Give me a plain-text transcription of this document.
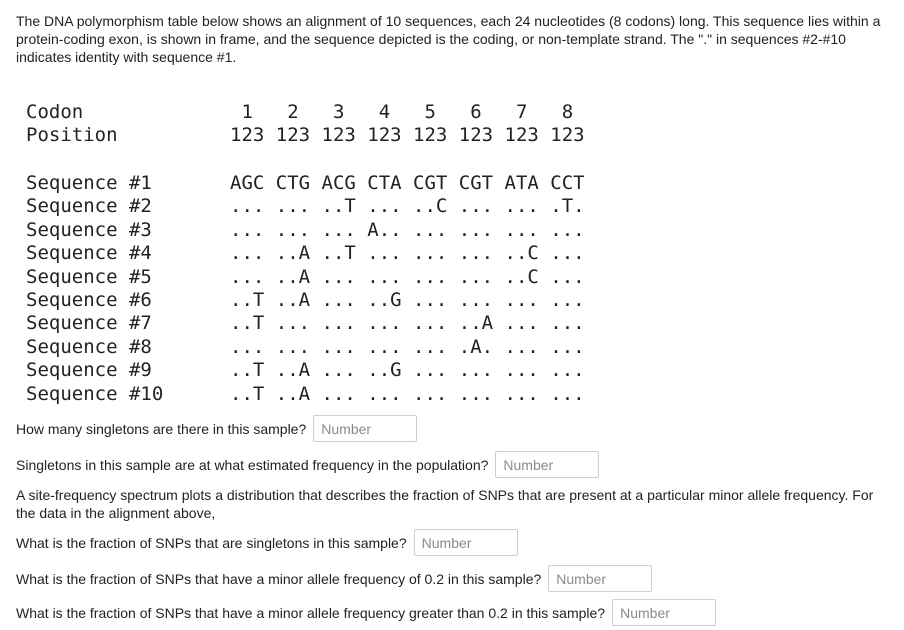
The DNA polymorphism table below shows an alignment of 10 sequences, each 24 nucleotides (8 codons) long. This sequence lies within a protein-coding exon, is shown in frame, and the sequence depicted is the coding, or non-template strand. The "." in sequences #2-#10 indicates identity with sequence #1.

Codon	1   2   3   4   5   6   7   8
Position	123 123 123 123 123 123 123 123
Sequence #1	AGC CTG ACG CTA CGT CGT ATA CCT
Sequence #2	... ... ..T ... ..C ... ... .T.
Sequence #3	... ... ... A.. ... ... ... ...
Sequence #4	... ..A ..T ... ... ... ..C ...
Sequence #5	... ..A ... ... ... ... ..C ...
Sequence #6	..T ..A ... ..G ... ... ... ...
Sequence #7	..T ... ... ... ... ..A ... ...
Sequence #8	... ... ... ... ... .A. ... ...
Sequence #9	..T ..A ... ..G ... ... ... ...
Sequence #10	..T ..A ... ... ... ... ... ...
How many singletons are there in this sample?
Number
Singletons in this sample are at what estimated frequency in the population?
Number

A site-frequency spectrum plots a distribution that describes the fraction of SNPs that are present at a particular minor allele frequency. For the data in the alignment above,

What is the fraction of SNPs that are singletons in this sample?
Number
What is the fraction of SNPs that have a minor allele frequency of 0.2 in this sample?
Number
What is the fraction of SNPs that have a minor allele frequency greater than 0.2 in this sample?
Number
